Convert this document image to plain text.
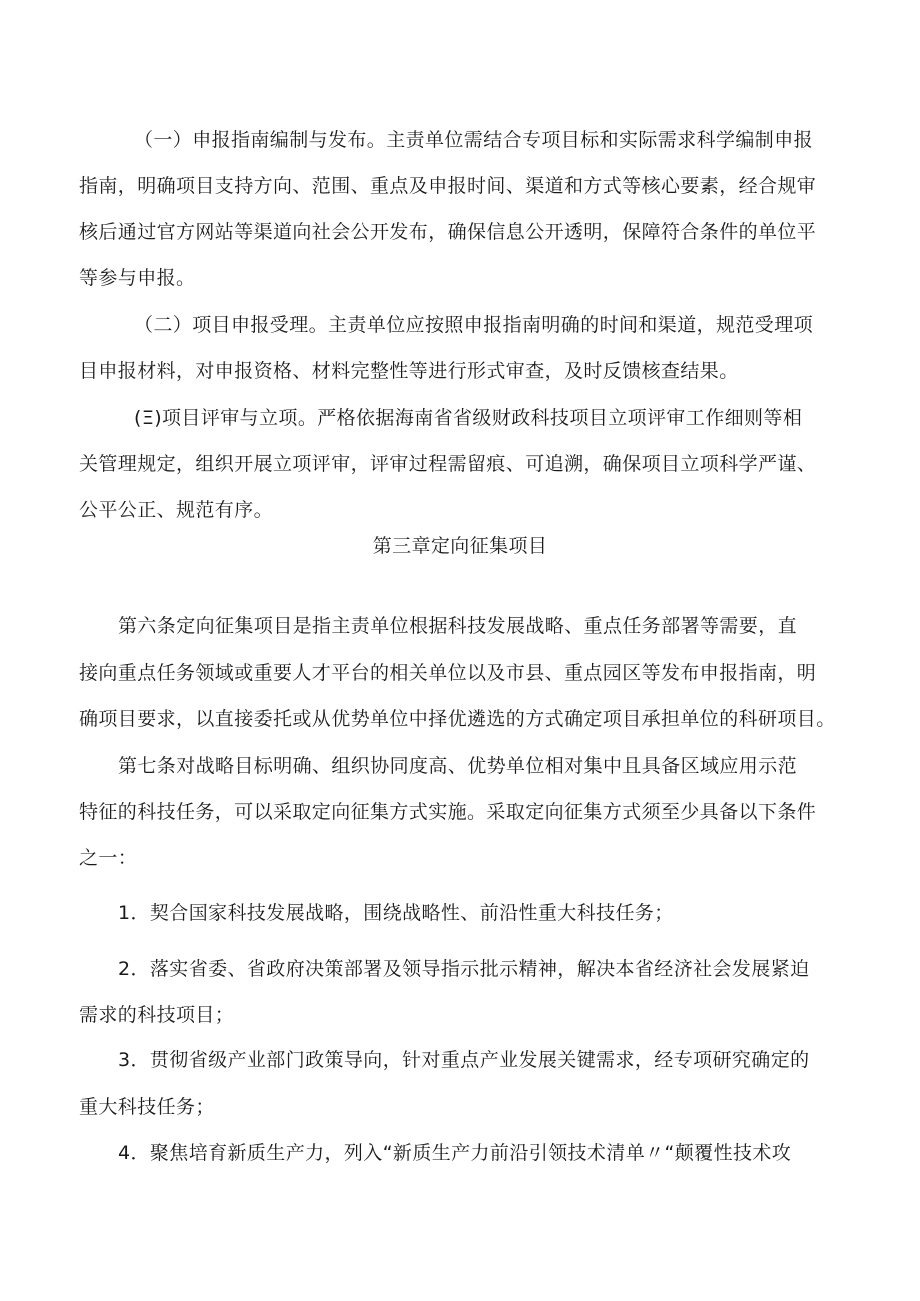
（一）申报指南编制与发布。主责单位需结合专项目标和实际需求科学编制申报
指南，明确项目支持方向、范围、重点及申报时间、渠道和方式等核心要素，经合规审
核后通过官方网站等渠道向社会公开发布，确保信息公开透明，保障符合条件的单位平
等参与申报。
（二）项目申报受理。主责单位应按照申报指南明确的时间和渠道，规范受理项
目申报材料，对申报资格、材料完整性等进行形式审查，及时反馈核查结果。
(Ξ)项目评审与立项。严格依据海南省省级财政科技项目立项评审工作细则等相
关管理规定，组织开展立项评审，评审过程需留痕、可追溯，确保项目立项科学严谨、
公平公正、规范有序。
第三章定向征集项目
第六条定向征集项目是指主责单位根据科技发展战略、重点任务部署等需要，直
接向重点任务领域或重要人才平台的相关单位以及市县、重点园区等发布申报指南，明
确项目要求，以直接委托或从优势单位中择优遴选的方式确定项目承担单位的科研项目。
第七条对战略目标明确、组织协同度高、优势单位相对集中且具备区域应用示范
特征的科技任务，可以采取定向征集方式实施。采取定向征集方式须至少具备以下条件
之一：
1．契合国家科技发展战略，围绕战略性、前沿性重大科技任务；
2．落实省委、省政府决策部署及领导指示批示精神，解决本省经济社会发展紧迫
需求的科技项目；
3．贯彻省级产业部门政策导向，针对重点产业发展关键需求，经专项研究确定的
重大科技任务；
4．聚焦培育新质生产力，列入“新质生产力前沿引领技术清单〃“颠覆性技术攻
